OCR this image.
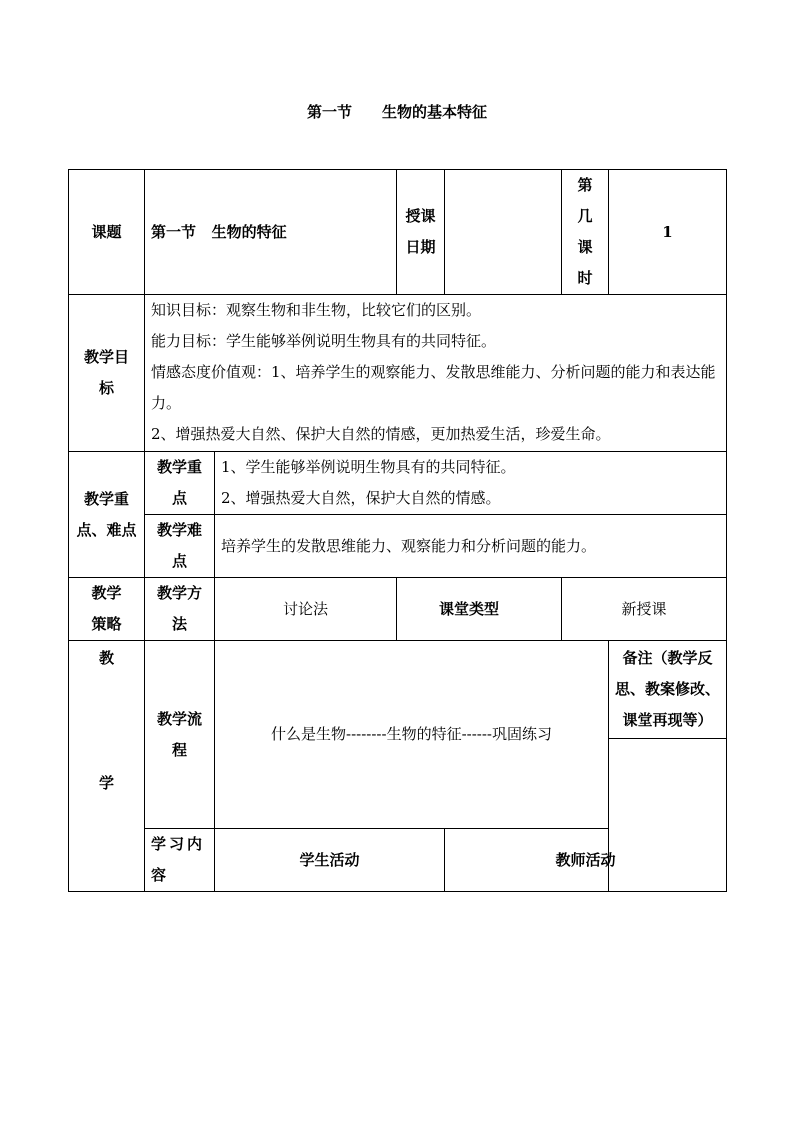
第一节 生物的基本特征
课题	第一节   生物的特征		授课日期		第几课时	1
教学目标	知识目标：观察生物和非生物，比较它们的区别。
能力目标：学生能够举例说明生物具有的共同特征。
情感态度价值观：1、培养学生的观察能力、发散思维能力、分析问题的能力和表达能力。
2、增强热爱大自然、保护大自然的情感，更加热爱生活，珍爱生命。					

教学重点、难点	教学重点	1、学生能够举例说明生物具有的共同特征。
2、增强热爱大自然，保护大自然的情感。				

	教学难点	培养学生的发散思维能力、观察能力和分析问题的能力。				
教学策略	教学方法	讨论法	课堂类型		新授课	

教
学	教学流程	什么是生物--------生物的特征------巩固练习				备注（教学反思、教案修改、课堂再现等）

	学习内容	学生活动		教师活动		
